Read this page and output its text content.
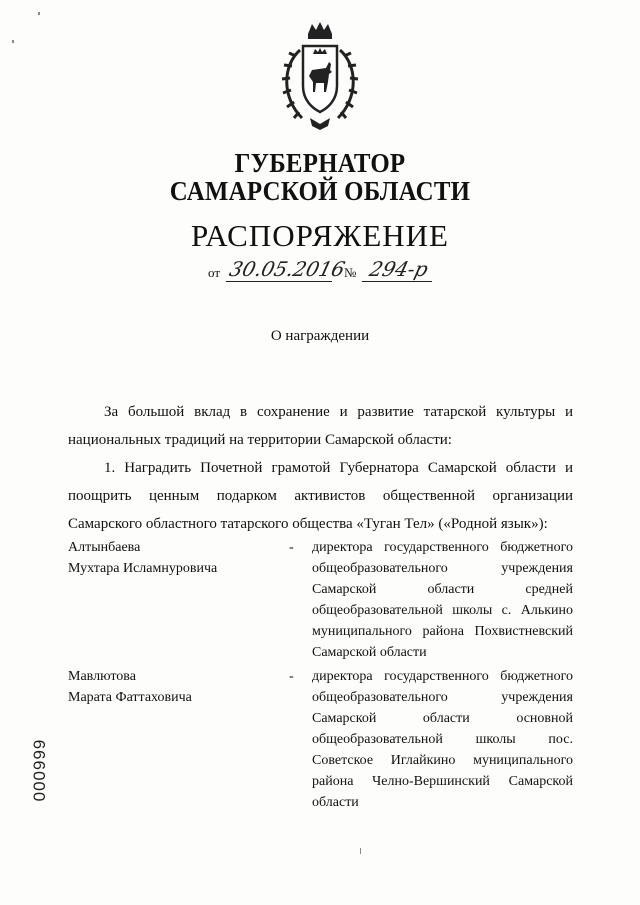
ГУБЕРНАТОР
САМАРСКОЙ ОБЛАСТИ
РАСПОРЯЖЕНИЕ
от 30.05.2016
№ 294-р
О награждении

За большой вклад в сохранение и развитие татарской культуры и национальных традиций на территории Самарской области:

1. Наградить Почетной грамотой Губернатора Самарской области и поощрить ценным подарком активистов общественной организации Самарского областного татарского общества «Туган Тел» («Родной язык»):

Алтынбаева
Мухтара Исламнуровича
- директора государственного бюджетного общеобразовательного учреждения Самарской области средней общеобразовательной школы с. Алькино муниципального района Похвистневский Самарской области
Мавлютова
Марата Фаттаховича
- директора государственного бюджетного общеобразовательного учреждения Самарской области основной общеобразовательной школы пос. Советское Иглайкино муниципального района Челно-Вершинский Самарской области
000999
